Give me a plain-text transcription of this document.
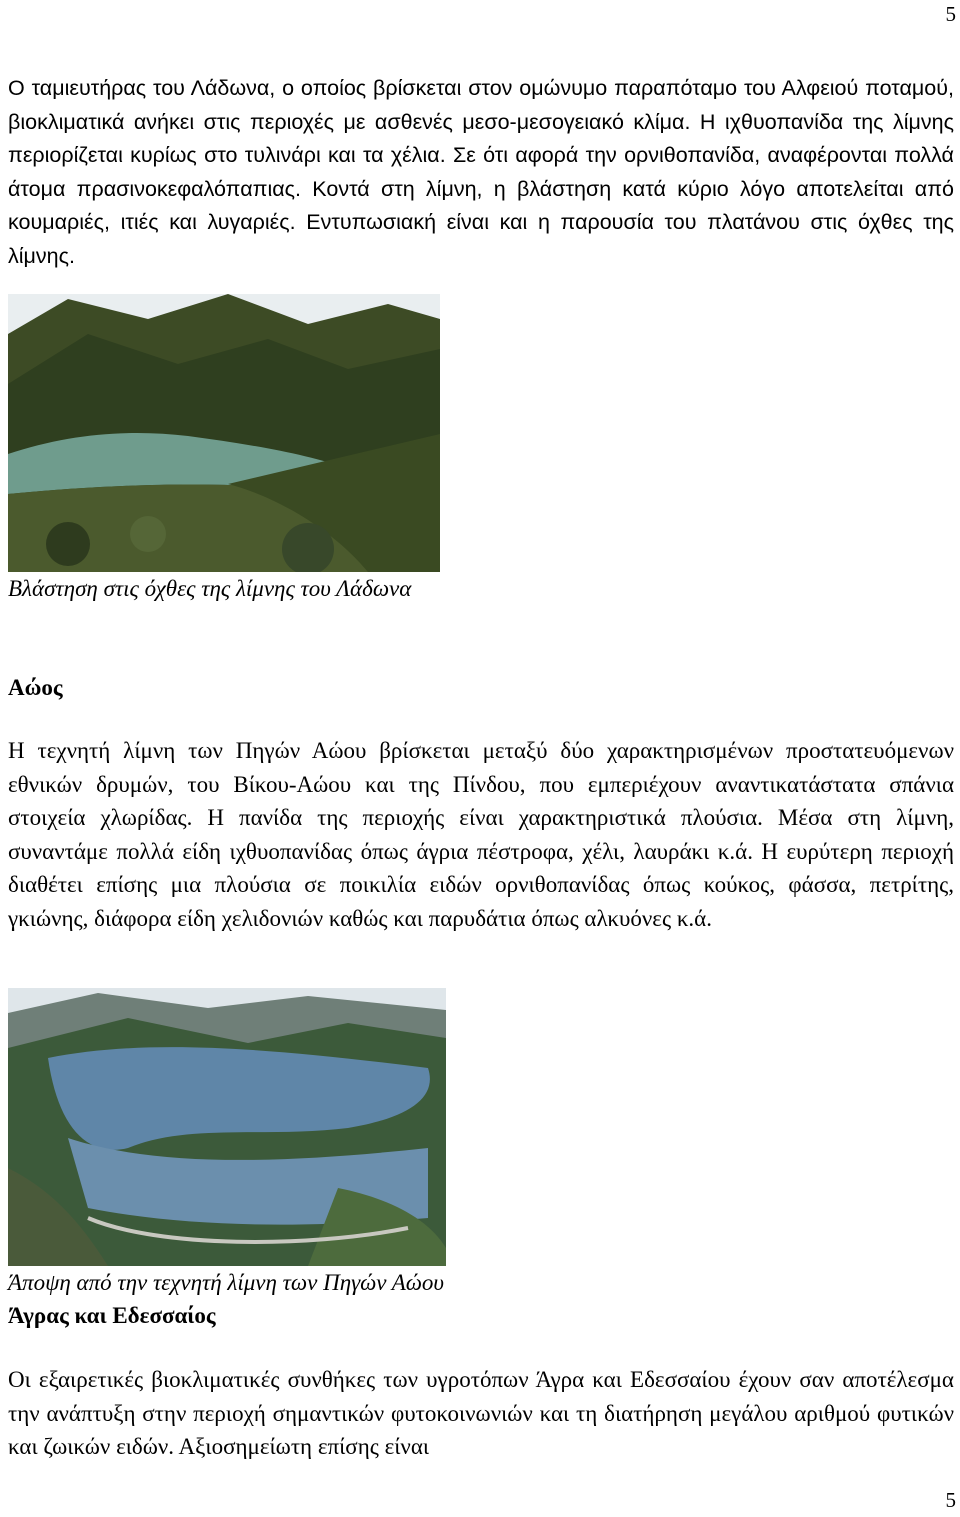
5

Ο ταμιευτήρας του Λάδωνα, ο οποίος βρίσκεται στον ομώνυμο παραπόταμο του Αλφειού ποταμού, βιοκλιματικά ανήκει στις περιοχές με ασθενές μεσο-μεσογειακό κλίμα. Η ιχθυοπανίδα της λίμνης περιορίζεται κυρίως στο τυλινάρι και τα χέλια. Σε ότι αφορά την ορνιθοπανίδα, αναφέρονται πολλά άτομα πρασινοκεφαλόπαπιας. Κοντά στη λίμνη, η βλάστηση κατά κύριο λόγο αποτελείται από κουμαριές, ιτιές και λυγαριές. Εντυπωσιακή είναι και η παρουσία του πλατάνου στις όχθες της λίμνης.

Βλάστηση στις όχθες της λίμνης του Λάδωνα

Αώος

Η τεχνητή λίμνη των Πηγών Αώου βρίσκεται μεταξύ δύο χαρακτηρισμένων προστατευόμενων εθνικών δρυμών, του Βίκου-Αώου και της Πίνδου, που εμπεριέχουν αναντικατάστατα σπάνια στοιχεία χλωρίδας. Η πανίδα της περιοχής είναι χαρακτηριστικά πλούσια. Μέσα στη λίμνη, συναντάμε πολλά είδη ιχθυοπανίδας όπως άγρια πέστροφα, χέλι, λαυράκι κ.ά. Η ευρύτερη περιοχή διαθέτει επίσης μια πλούσια σε ποικιλία ειδών ορνιθοπανίδας όπως κούκος, φάσσα, πετρίτης, γκιώνης, διάφορα είδη χελιδονιών καθώς και παρυδάτια όπως αλκυόνες κ.ά.

Άποψη από την τεχνητή λίμνη των Πηγών Αώου

Άγρας και Εδεσσαίος

Οι εξαιρετικές βιοκλιματικές συνθήκες των υγροτόπων Άγρα και Εδεσσαίου έχουν σαν αποτέλεσμα την ανάπτυξη στην περιοχή σημαντικών φυτοκοινωνιών και τη διατήρηση μεγάλου αριθμού φυτικών και ζωικών ειδών. Αξιοσημείωτη επίσης είναι

5
